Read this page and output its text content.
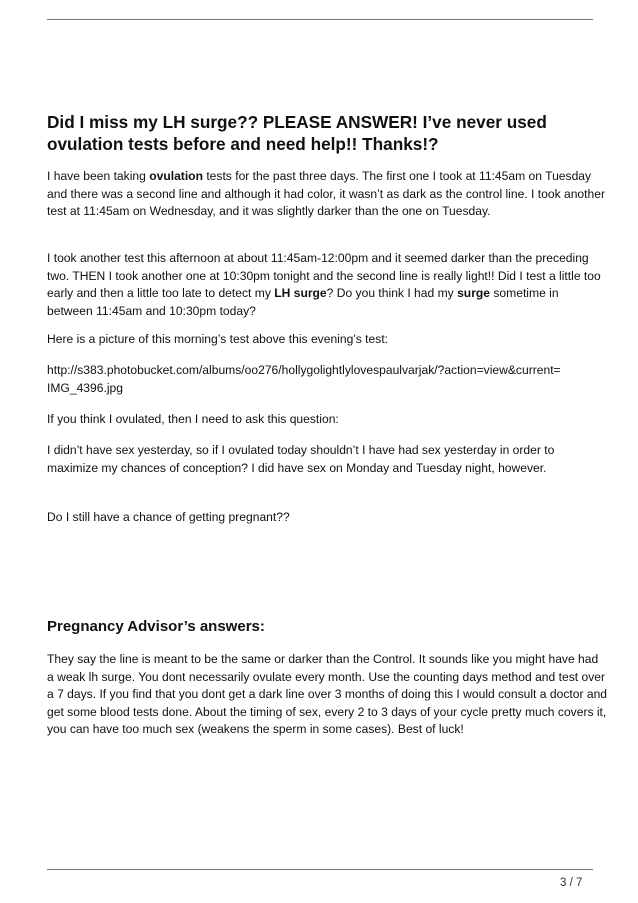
Did I miss my LH surge?? PLEASE ANSWER! I’ve never used
ovulation tests before and need help!! Thanks!?

I have been taking ovulation tests for the past three days. The first one I took at 11:45am on Tuesday and there was a second line and although it had color, it wasn’t as dark as the control line. I took another test at 11:45am on Wednesday, and it was slightly darker than the one on Tuesday.

I took another test this afternoon at about 11:45am-12:00pm and it seemed darker than the preceding two. THEN I took another one at 10:30pm tonight and the second line is really light!! Did I test a little too early and then a little too late to detect my LH surge? Do you think I had my surge sometime in between 11:45am and 10:30pm today?

Here is a picture of this morning’s test above this evening’s test:

http://s383.photobucket.com/albums/oo276/hollygolightlylovespaulvarjak/?action=view&current=
IMG_4396.jpg

If you think I ovulated, then I need to ask this question:

I didn’t have sex yesterday, so if I ovulated today shouldn’t I have had sex yesterday in order to maximize my chances of conception? I did have sex on Monday and Tuesday night, however.

Do I still have a chance of getting pregnant??

Pregnancy Advisor’s answers:

They say the line is meant to be the same or darker than the Control. It sounds like you might have had a weak lh surge. You dont necessarily ovulate every month. Use the counting days method and test over a 7 days. If you find that you dont get a dark line over 3 months of doing this I would consult a doctor and get some blood tests done. About the timing of sex, every 2 to 3 days of your cycle pretty much covers it, you can have too much sex (weakens the sperm in some cases). Best of luck!

3 / 7
